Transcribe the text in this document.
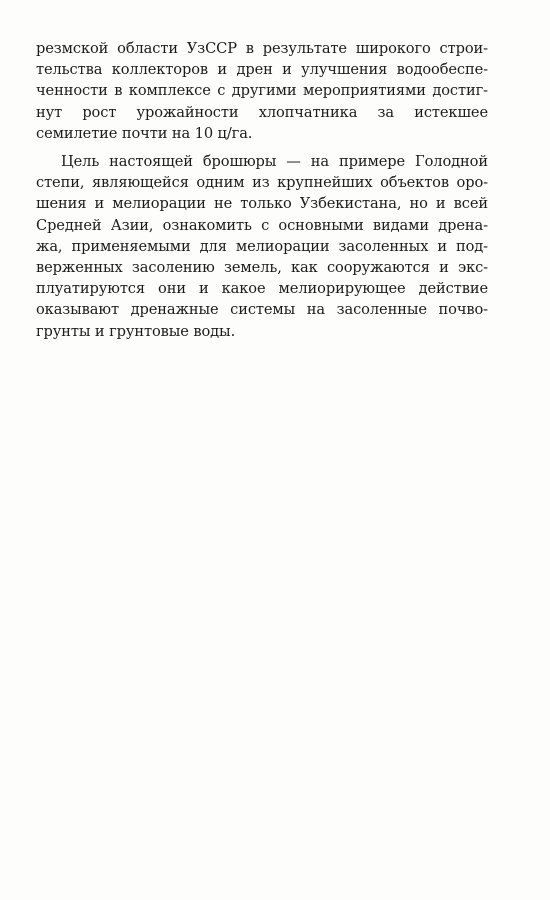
резмской области УзССР в результате широкого строи-
тельства коллекторов и дрен и улучшения водообеспе-
ченности в комплексе с другими мероприятиями достиг-
нут рост урожайности хлопчатника за истекшее
семилетие почти на 10 ц/га.
Цель настоящей брошюры — на примере Голодной
степи, являющейся одним из крупнейших объектов оро-
шения и мелиорации не только Узбекистана, но и всей
Средней Азии, ознакомить с основными видами дрена-
жа, применяемыми для мелиорации засоленных и под-
верженных засолению земель, как сооружаются и экс-
плуатируются они и какое мелиорирующее действие
оказывают дренажные системы на засоленные почво-
грунты и грунтовые воды.
